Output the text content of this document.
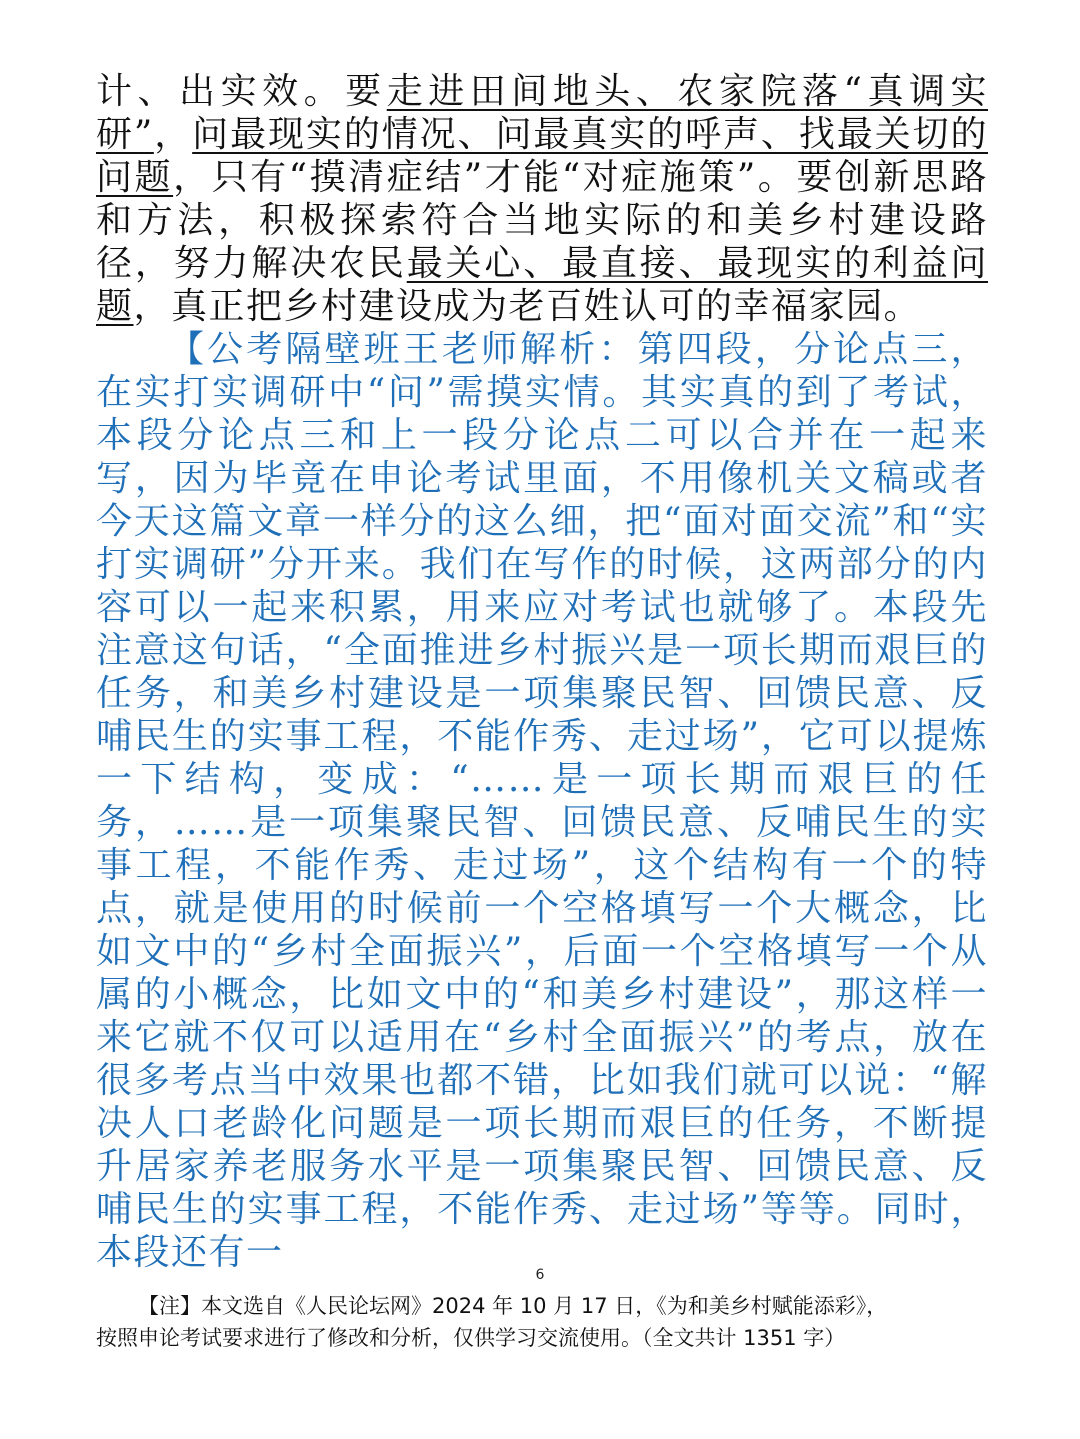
计、出实效。要走进田间地头、农家院落“真调实研”，问最现实的情况、问最真实的呼声、找最关切的问题，只有“摸清症结”才能“对症施策”。要创新思路和方法，积极探索符合当地实际的和美乡村建设路径，努力解决农民最关心、最直接、最现实的利益问题，真正把乡村建设成为老百姓认可的幸福家园。

【公考隔壁班王老师解析：第四段，分论点三，在实打实调研中“问”需摸实情。其实真的到了考试，本段分论点三和上一段分论点二可以合并在一起来写，因为毕竟在申论考试里面，不用像机关文稿或者今天这篇文章一样分的这么细，把“面对面交流”和“实打实调研”分开来。我们在写作的时候，这两部分的内容可以一起来积累，用来应对考试也就够了。本段先注意这句话，“全面推进乡村振兴是一项长期而艰巨的任务，和美乡村建设是一项集聚民智、回馈民意、反哺民生的实事工程，不能作秀、走过场”，它可以提炼一下结构，变成：“……是一项长期而艰巨的任务，……是一项集聚民智、回馈民意、反哺民生的实事工程，不能作秀、走过场”，这个结构有一个的特点，就是使用的时候前一个空格填写一个大概念，比如文中的“乡村全面振兴”，后面一个空格填写一个从属的小概念，比如文中的“和美乡村建设”，那这样一来它就不仅可以适用在“乡村全面振兴”的考点，放在很多考点当中效果也都不错，比如我们就可以说：“解决人口老龄化问题是一项长期而艰巨的任务，不断提升居家养老服务水平是一项集聚民智、回馈民意、反哺民生的实事工程，不能作秀、走过场”等等。同时，本段还有一

6

【注】本文选自《人民论坛网》2024 年 10 月 17 日，《为和美乡村赋能添彩》，

按照申论考试要求进行了修改和分析，仅供学习交流使用。（全文共计 1351 字）
